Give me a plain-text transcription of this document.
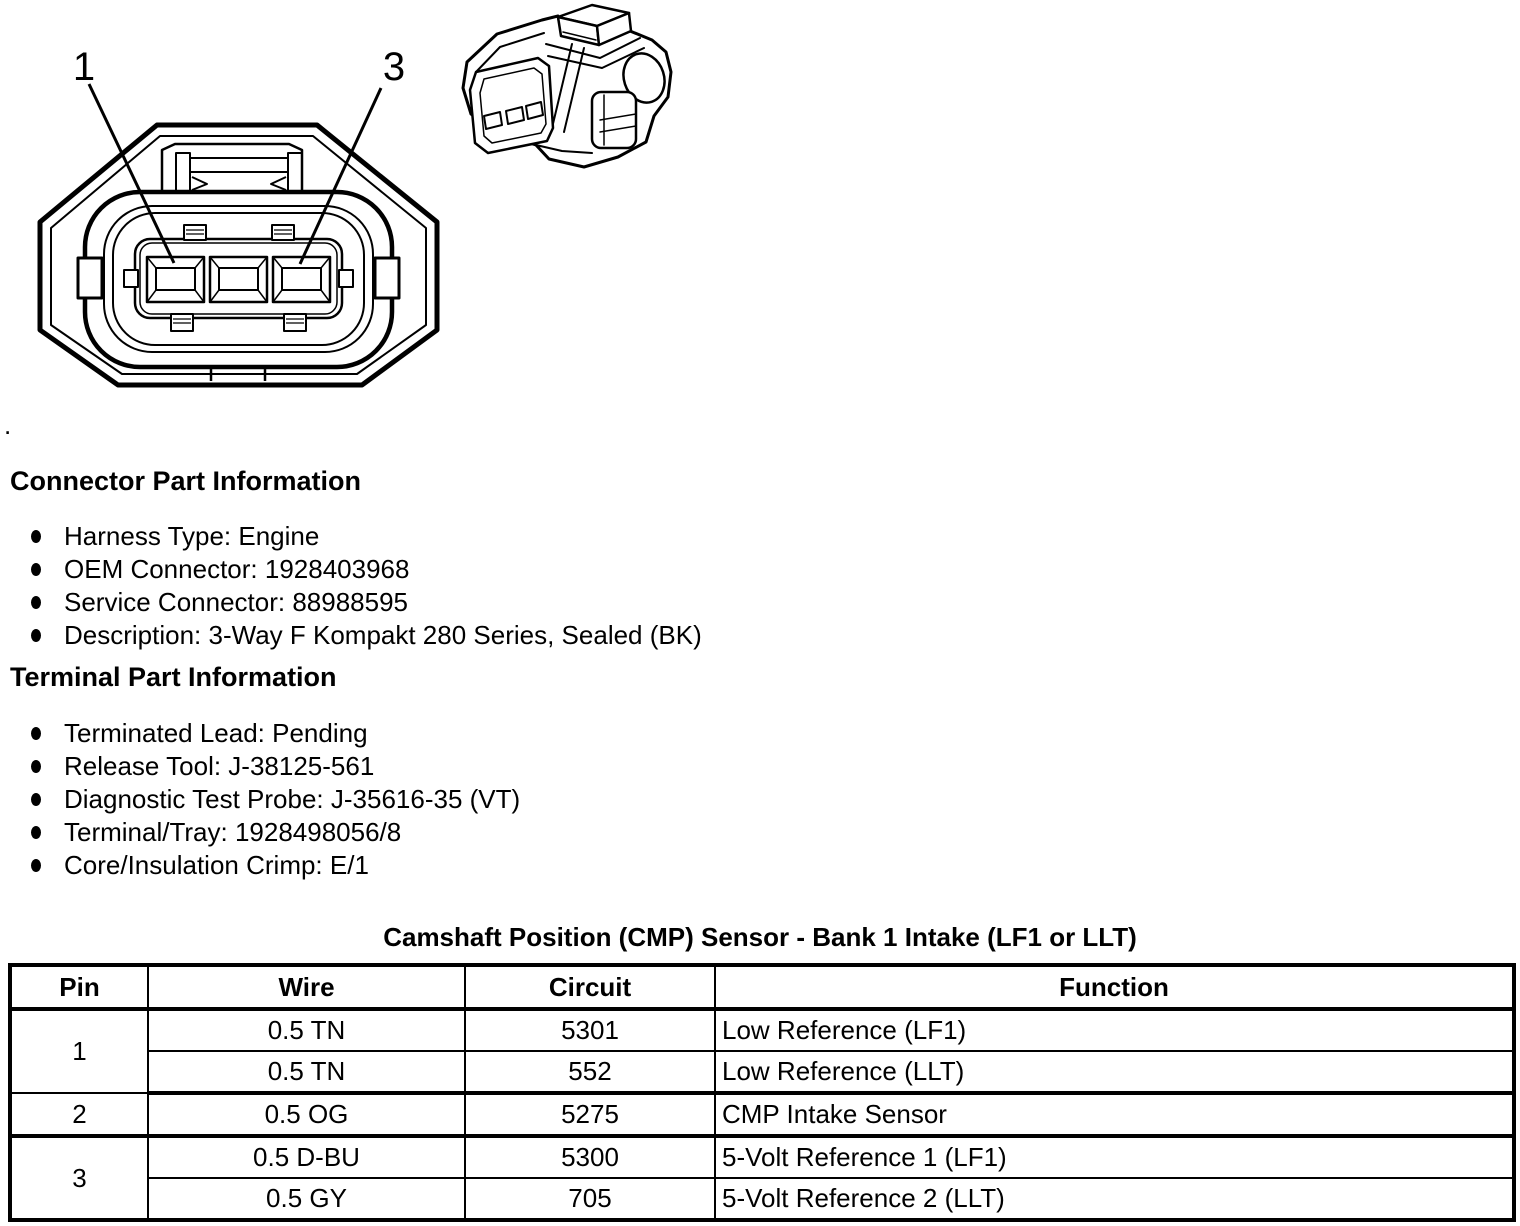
1	3
.
Connector Part Information
Harness Type: Engine
OEM Connector: 1928403968
Service Connector: 88988595
Description: 3-Way F Kompakt 280 Series, Sealed (BK)
Terminal Part Information
Terminated Lead: Pending
Release Tool: J-38125-561
Diagnostic Test Probe: J-35616-35 (VT)
Terminal/Tray: 1928498056/8
Core/Insulation Crimp: E/1
Camshaft Position (CMP) Sensor - Bank 1 Intake (LF1 or LLT)
Pin	Wire	Circuit	Function
1	0.5 TN	5301	Low Reference (LF1)
	0.5 TN	552	Low Reference (LLT)
2	0.5 OG	5275	CMP Intake Sensor
3	0.5 D-BU	5300	5-Volt Reference 1 (LF1)
	0.5 GY	705	5-Volt Reference 2 (LLT)
